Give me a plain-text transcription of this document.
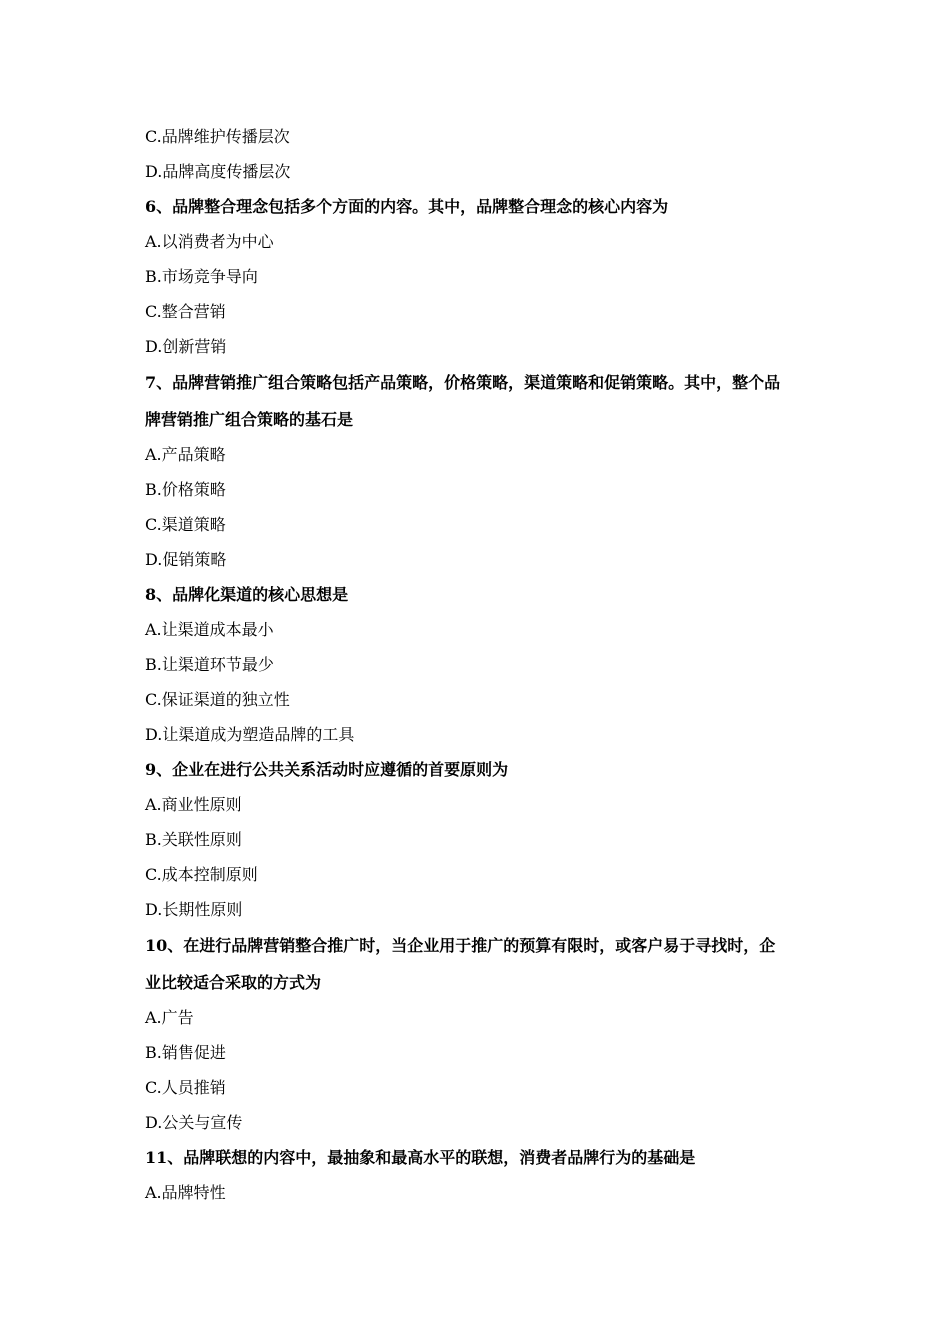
C.品牌维护传播层次
D.品牌高度传播层次
6、品牌整合理念包括多个方面的内容。其中，品牌整合理念的核心内容为
A.以消费者为中心
B.市场竞争导向
C.整合营销
D.创新营销
7、品牌营销推广组合策略包括产品策略，价格策略，渠道策略和促销策略。其中，整个品
牌营销推广组合策略的基石是
A.产品策略
B.价格策略
C.渠道策略
D.促销策略
8、品牌化渠道的核心思想是
A.让渠道成本最小
B.让渠道环节最少
C.保证渠道的独立性
D.让渠道成为塑造品牌的工具
9、企业在进行公共关系活动时应遵循的首要原则为
A.商业性原则
B.关联性原则
C.成本控制原则
D.长期性原则
10、在进行品牌营销整合推广时，当企业用于推广的预算有限时，或客户易于寻找时，企
业比较适合采取的方式为
A.广告
B.销售促进
C.人员推销
D.公关与宣传
11、品牌联想的内容中，最抽象和最高水平的联想，消费者品牌行为的基础是
A.品牌特性
